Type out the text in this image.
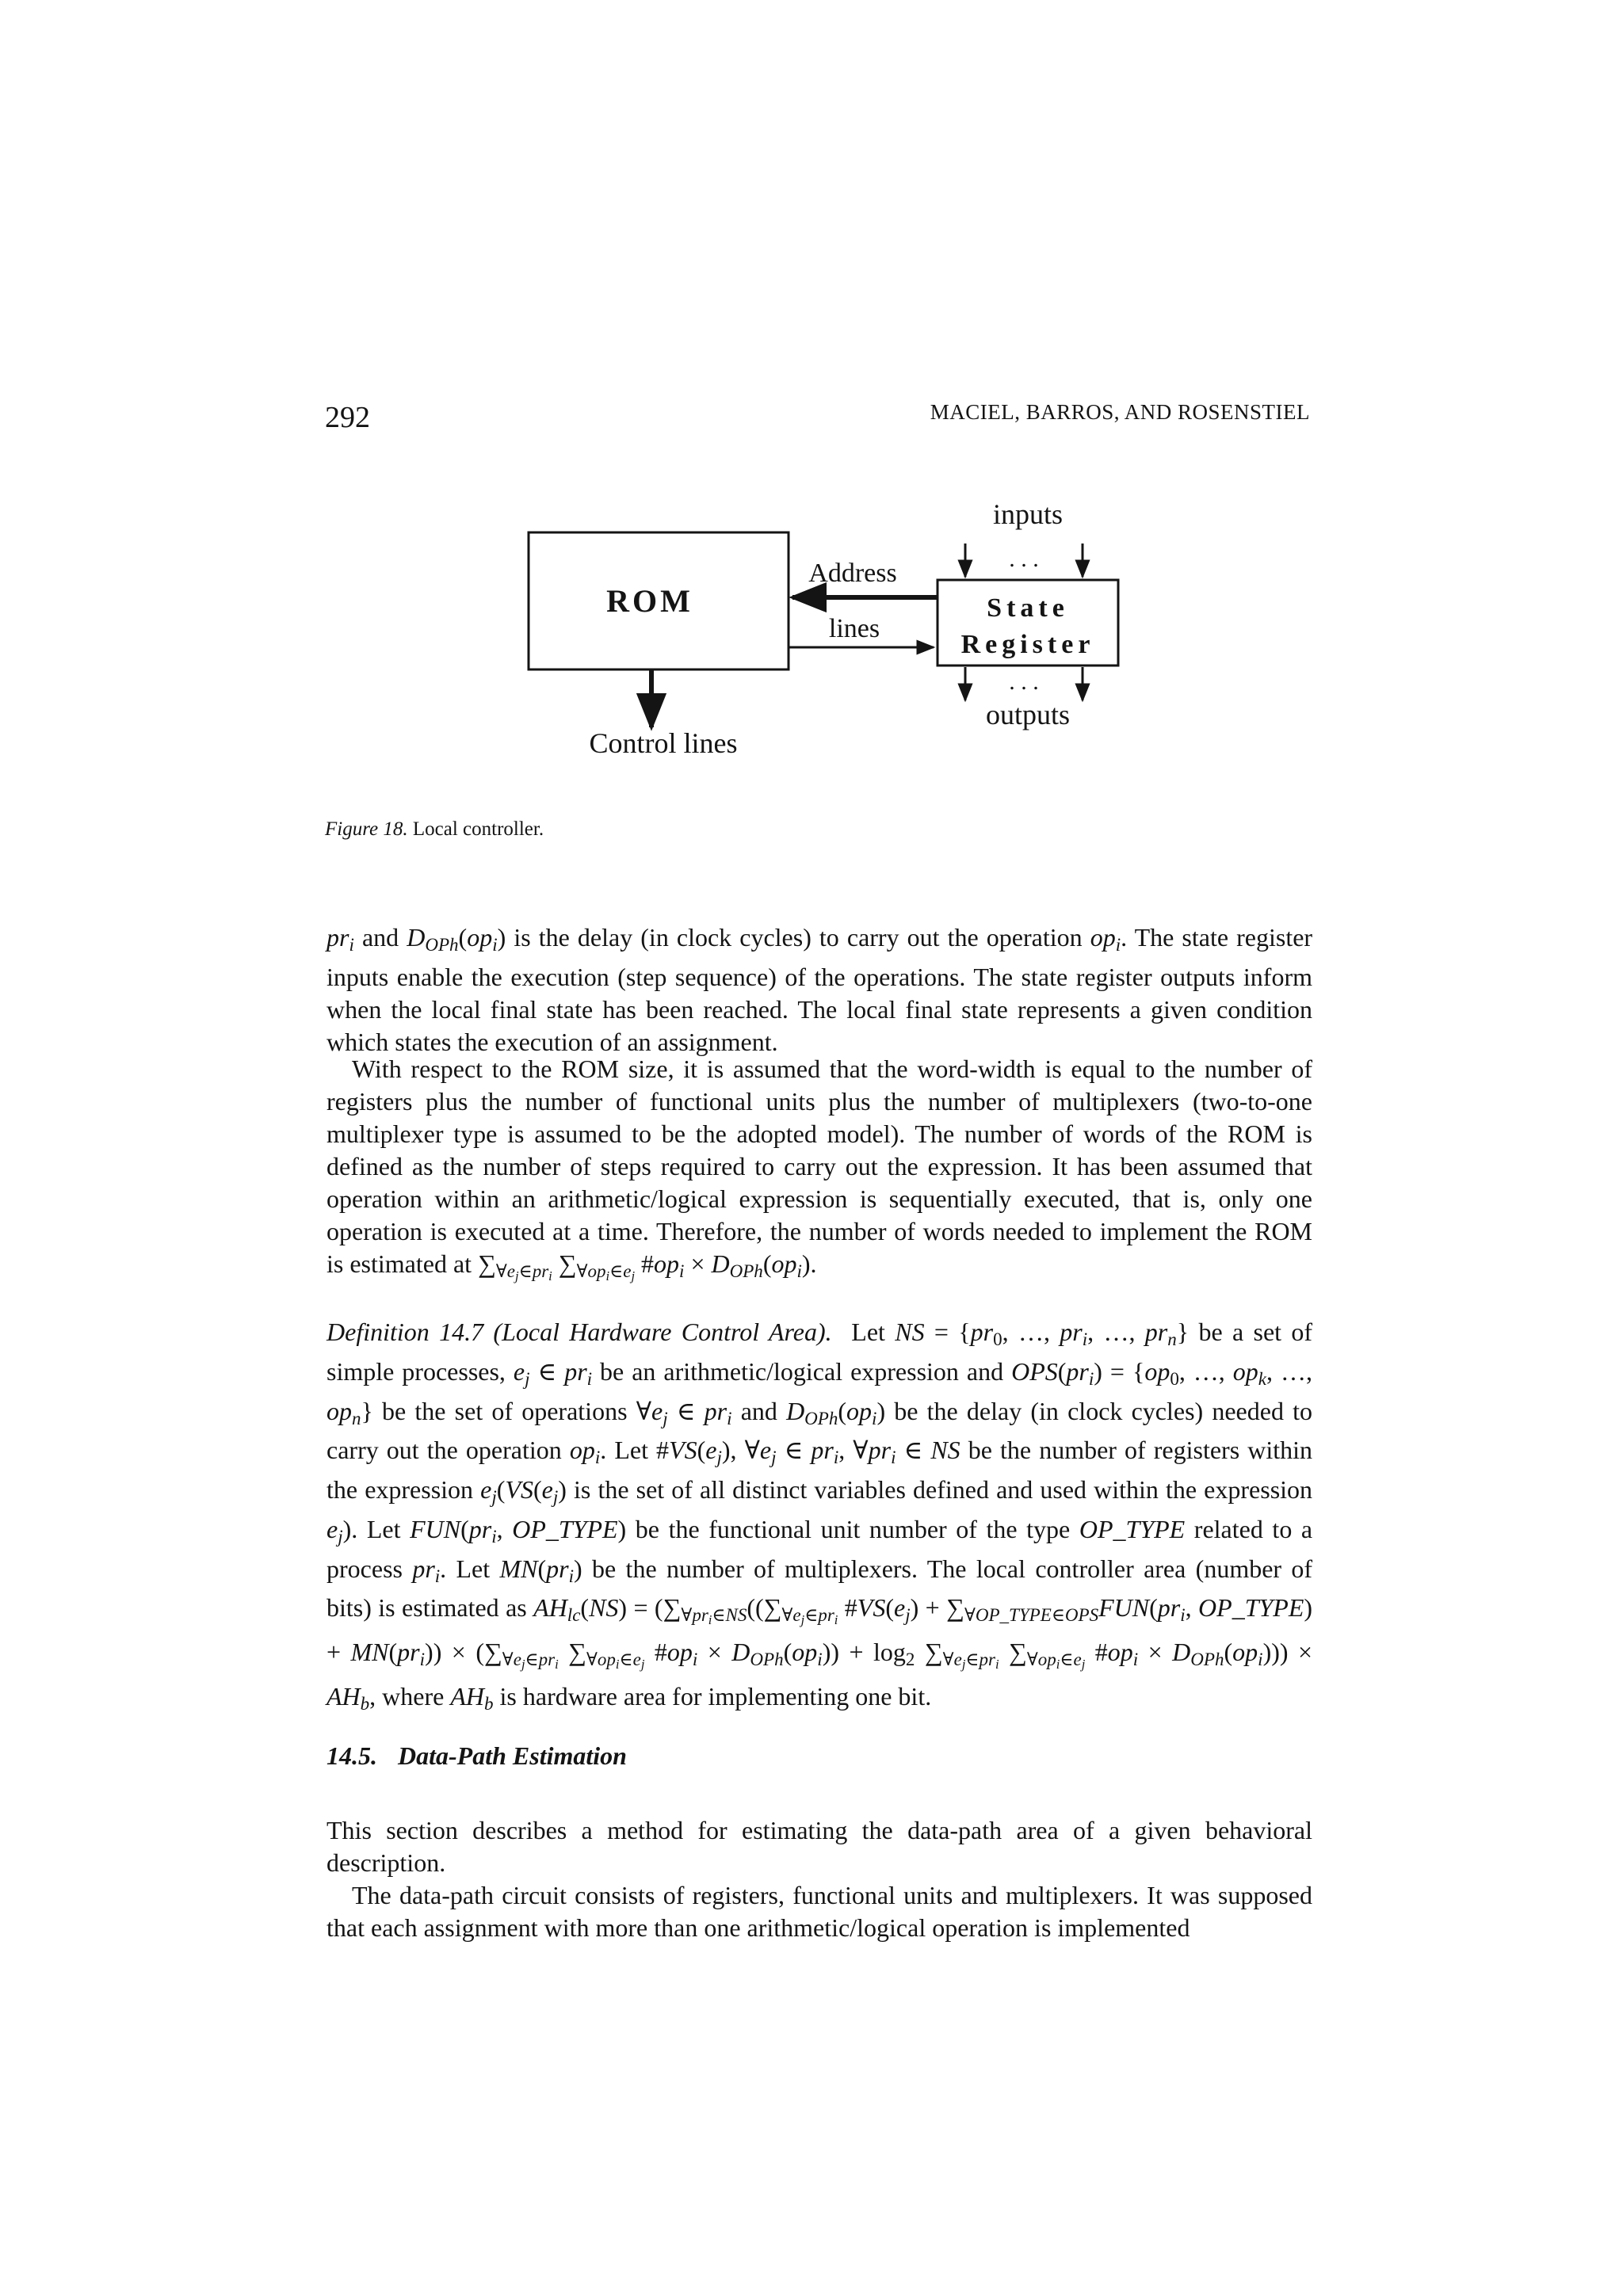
292	MACIEL, BARROS, AND ROSENSTIEL
ROM	State
Register
Address
lines
inputs
. . .
. . .
outputs
Control lines
Figure 18. Local controller.

$pr_i$ and $D_{OPh}(op_i)$ is the delay (in clock cycles) to carry out the operation $op_i$. The state register inputs enable the execution (step sequence) of the operations. The state register outputs inform when the local final state has been reached. The local final state represents a given condition which states the execution of an assignment.

With respect to the ROM size, it is assumed that the word-width is equal to the number of registers plus the number of functional units plus the number of multiplexers (two-to-one multiplexer type is assumed to be the adopted model). The number of words of the ROM is defined as the number of steps required to carry out the expression. It has been assumed that operation within an arithmetic/logical expression is sequentially executed, that is, only one operation is executed at a time. Therefore, the number of words needed to implement the ROM is estimated at $\sum_{\forall e_j\in pr_i}$ $\sum_{\forall op_i\in e_j}$ $\#op_i \times D_{OPh}(op_i)$.

Definition 14.7 (Local Hardware Control Area). Let NS = {$pr_0$, …, $pr_i$, …, $pr_n$} be a set of simple processes, $e_j$ ∈ $pr_i$ be an arithmetic/logical expression and $OPS(pr_i) = \{op_0$, …, $op_k$, …, $op_n$} be the set of operations $\forall e_j$ ∈ $pr_i$ and $D_{OPh}(op_i)$ be the delay (in clock cycles) needed to carry out the operation $op_i$. Let $\#VS(e_j)$, $\forall e_j$ ∈ $pr_i$, $\forall pr_i$ ∈ NS be the number of registers within the expression $e_j(VS(e_j)$ is the set of all distinct variables defined and used within the expression $e_j$). Let $FUN(pr_i$, OP_TYPE) be the functional unit number of the type OP_TYPE related to a process $pr_i$. Let $MN(pr_i)$ be the number of multiplexers. The local controller area (number of bits) is estimated as $AH_{lc}(NS) = (\sum_{\forall pr_i\in NS}((\sum_{\forall e_j\in pr_i}$ $\#VS(e_j) + \sum_{\forall OP\_TYPE\in OPS}FUN(pr_i$, OP_TYPE) + $MN(pr_i)) \times (\sum_{\forall e_j\in pr_i}$ $\sum_{\forall op_i\in e_j}$ $\#op_i \times D_{OPh}(op_i)) + \log_2 \sum_{\forall e_j\in pr_i}$ $\sum_{\forall op_i\in e_j}$ $\#op_i \times D_{OPh}(op_i))) \times AH_b$, where $AH_b$ is hardware area for implementing one bit.

14.5. Data-Path Estimation

This section describes a method for estimating the data-path area of a given behavioral description.

The data-path circuit consists of registers, functional units and multiplexers. It was supposed that each assignment with more than one arithmetic/logical operation is implemented
